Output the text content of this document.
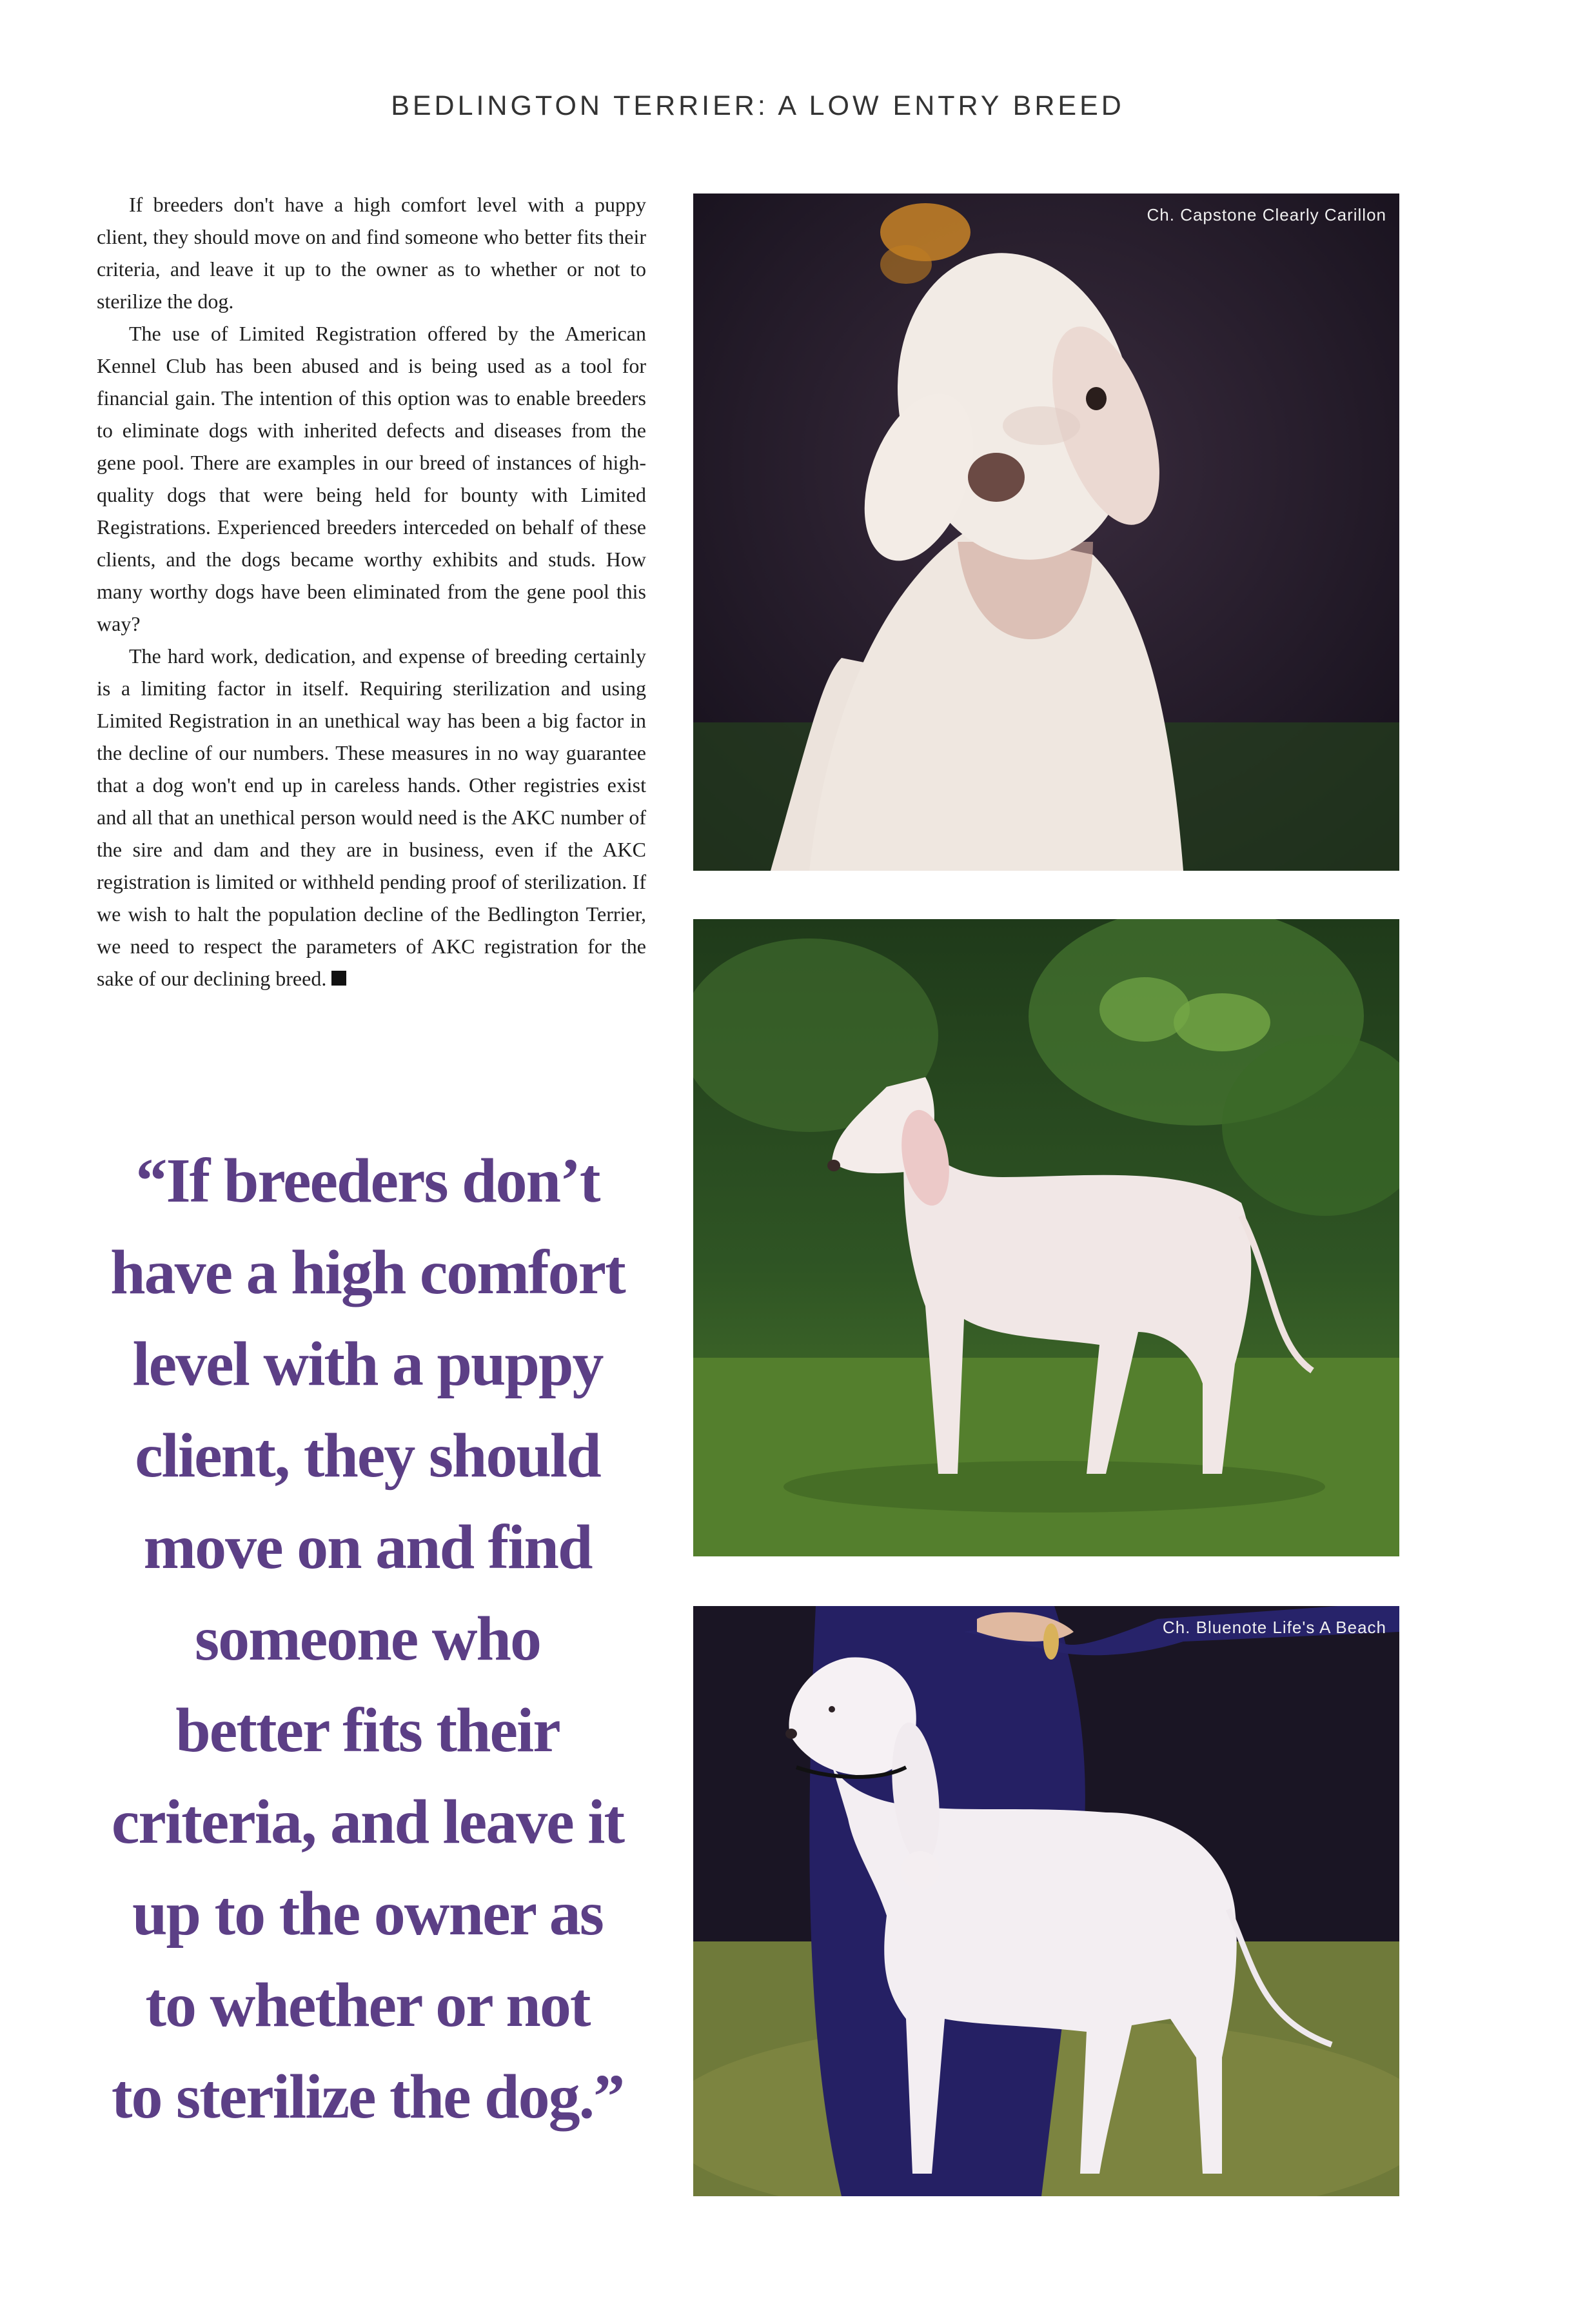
BEDLINGTON TERRIER: A LOW ENTRY BREED

If breeders don't have a high comfort level with a puppy client, they should move on and find someone who better fits their criteria, and leave it up to the owner as to whether or not to sterilize the dog.

The use of Limited Registration offered by the American Kennel Club has been abused and is being used as a tool for financial gain. The intention of this option was to enable breeders to eliminate dogs with inherited defects and diseases from the gene pool. There are examples in our breed of instances of high-quality dogs that were being held for bounty with Limited Registrations. Experienced breeders interceded on behalf of these clients, and the dogs became worthy exhibits and studs. How many worthy dogs have been eliminated from the gene pool this way?

The hard work, dedication, and expense of breeding certainly is a limiting factor in itself. Requiring sterilization and using Limited Registration in an unethical way has been a big factor in the decline of our numbers. These measures in no way guarantee that a dog won't end up in careless hands. Other registries exist and all that an unethical person would need is the AKC number of the sire and dam and they are in business, even if the AKC registration is limited or withheld pending proof of sterilization. If we wish to halt the population decline of the Bedlington Terrier, we need to respect the parameters of AKC registration for the sake of our declining breed.

“If breeders don’t
have a high comfort
level with a puppy
client, they should
move on and find
someone who
better fits their
criteria, and leave it
up to the owner as
to whether or not
to sterilize the dog.”
Ch. Capstone Clearly Carillon
Ch. Bluenote Life's A Beach
